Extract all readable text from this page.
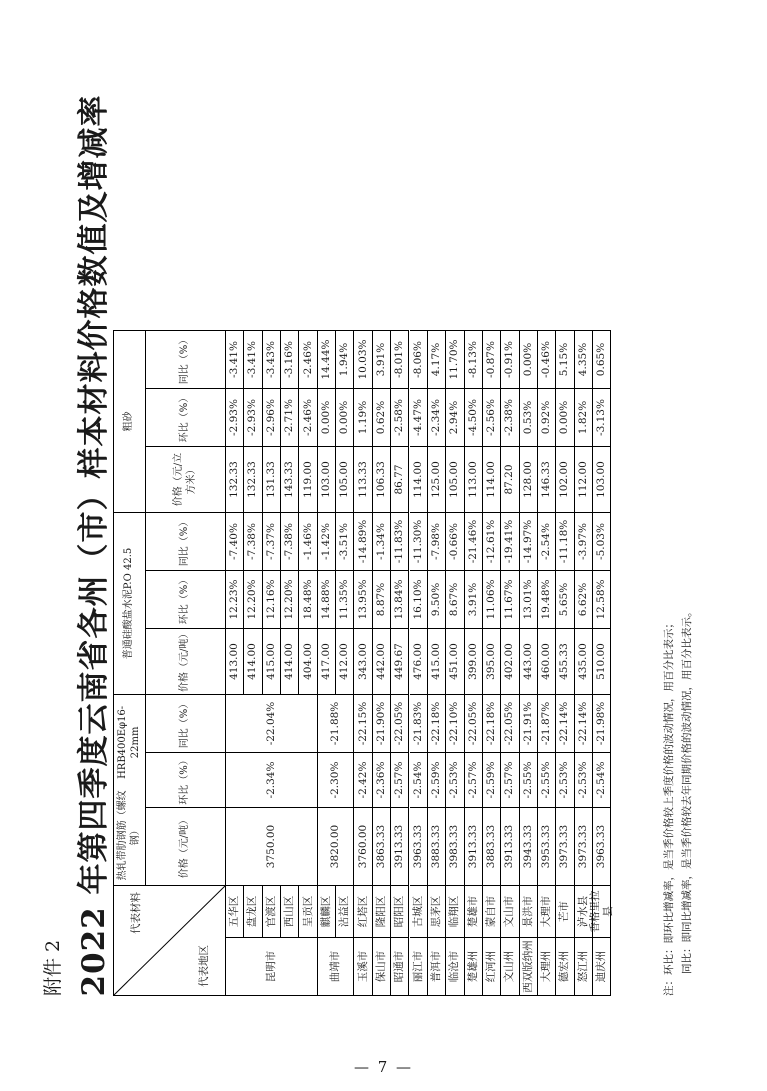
附件 2 2022 年第四季度云南省各州（市）样本材料价格数值及增减率 代表材料
代表地区
热轧带肋钢筋（螺纹钢）
HRB400Eφ16-22mm
普通硅酸盐水泥
P.O 42.5
粗砂
价格（元/吨）
环比（%）
同比（%）
价格（元/吨）
环比（%）
同比（%）
价格（元/立方米）
环比（%）
同比（%）
昆明市
3750.00
-2.34%
-22.04%
五华区
413.00
12.23%
-7.40%
132.33
-2.93%
-3.41%
盘龙区
414.00
12.20%
-7.38%
132.33
-2.93%
-3.41%
官渡区
415.00
12.16%
-7.37%
131.33
-2.96%
-3.43%
西山区
414.00
12.20%
-7.38%
143.33
-2.71%
-3.16%
呈贡区
404.00
18.48%
-1.46%
119.00
-2.46%
-2.46%
曲靖市
3820.00
-2.30%
-21.88%
麒麟区
417.00
14.88%
-1.42%
103.00
0.00%
14.44%
沾益区
412.00
11.35%
-3.51%
105.00
0.00%
1.94%
玉溪市
红塔区
3760.00
-2.42%
-22.15%
343.00
13.95%
-14.89%
113.33
1.19%
10.03%
保山市
隆阳区
3863.33
-2.36%
-21.90%
442.00
8.87%
-1.34%
106.33
0.62%
3.91%
昭通市
昭阳区
3913.33
-2.57%
-22.05%
449.67
13.84%
-11.83%
86.77
-2.58%
-8.01%
丽江市
古城区
3963.33
-2.54%
-21.83%
476.00
16.10%
-11.30%
114.00
-4.47%
-8.06%
普洱市
思茅区
3883.33
-2.59%
-22.18%
415.00
9.50%
-7.98%
125.00
-2.34%
4.17%
临沧市
临翔区
3983.33
-2.53%
-22.10%
451.00
8.67%
-0.66%
105.00
2.94%
11.70%
楚雄州
楚雄市
3913.33
-2.57%
-22.05%
399.00
3.91%
-21.46%
113.00
-4.50%
-8.13%
红河州
蒙自市
3883.33
-2.59%
-22.18%
395.00
11.06%
-12.61%
114.00
-2.56%
-0.87%
文山州
文山市
3913.33
-2.57%
-22.05%
402.00
11.67%
-19.41%
87.20
-2.38%
-0.91%
西双版纳州
景洪市
3943.33
-2.55%
-21.91%
443.00
13.01%
-14.97%
128.00
0.53%
0.00%
大理州
大理市
3953.33
-2.55%
-21.87%
460.00
19.48%
-2.54%
146.33
0.92%
-0.46%
德宏州
芒市
3973.33
-2.53%
-22.14%
455.33
5.65%
-11.18%
102.00
0.00%
5.15%
怒江州
泸水县
3973.33
-2.53%
-22.14%
435.00
6.62%
-3.97%
112.00
1.82%
4.35%
迪庆州
香格里拉县
3963.33
-2.54%
-21.98%
510.00
12.58%
-5.03%
103.00
-3.13%
0.65%

注：环比：即环比增减率，是当季价格较上季度价格的波动情况，用百分比表示； 同比：即同比增减率，是当季价格较去年同期价格的波动情况，用百分比表示。

— 7 —
